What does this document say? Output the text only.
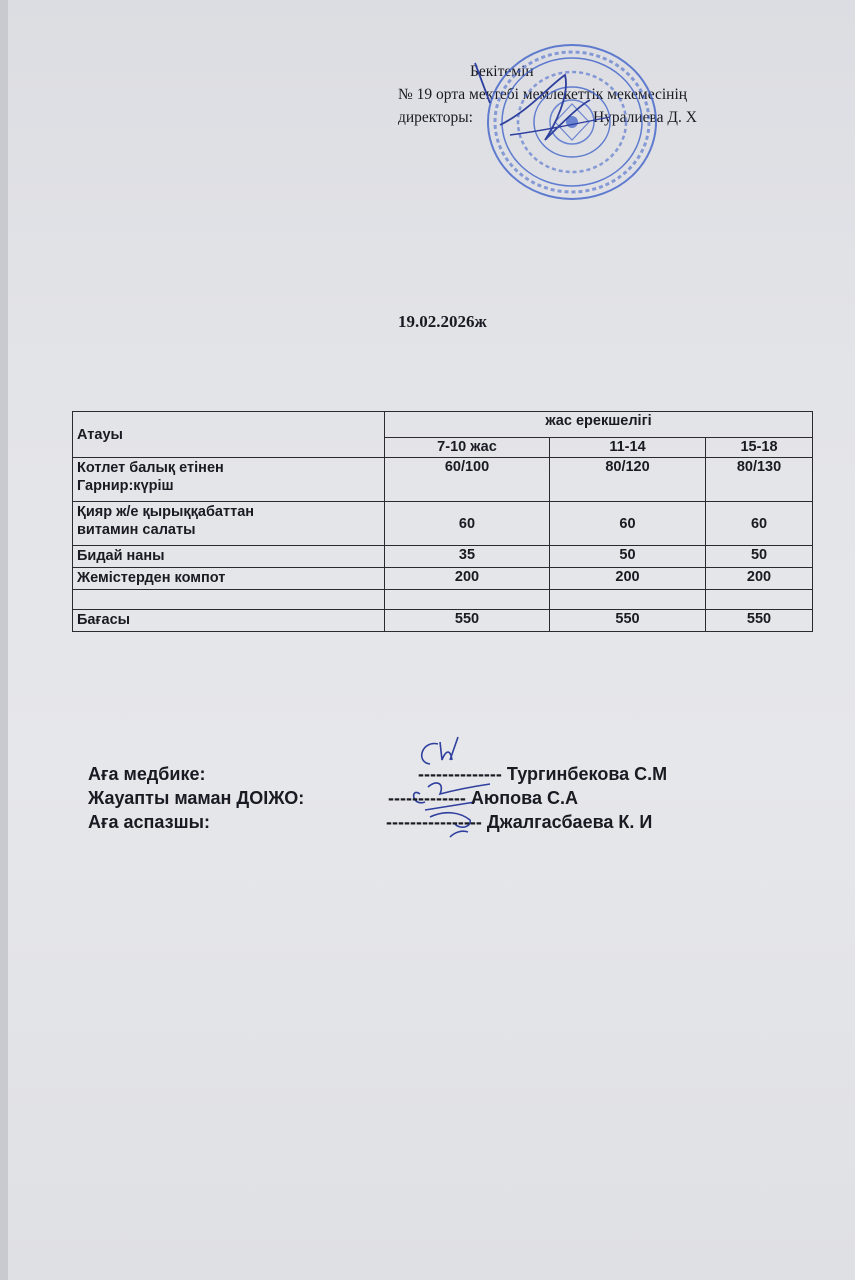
Бекітемін
№ 19 орта мектебі мемлекеттік мекемесінің
директоры:	Нуралиева Д. Х
19.02.2026ж
Атауы	жас ерекшелігі		
	7-10 жас	11-14	15-18

Котлет балық етінен
Гарнир:күріш	60/100	80/120	80/130

Қияр ж/е қырыққабаттан
витамин салаты	60	60	60
Бидай наны	35	50	50
Жемістерден компот	200	200	200

Бағасы	550	550	550
Аға медбике:	-------------- Тургинбекова С.М
Жауапты маман ДОІЖО:	------------- Аюпова С.А
Аға аспазшы:	---------------- Джалгасбаева К. И
